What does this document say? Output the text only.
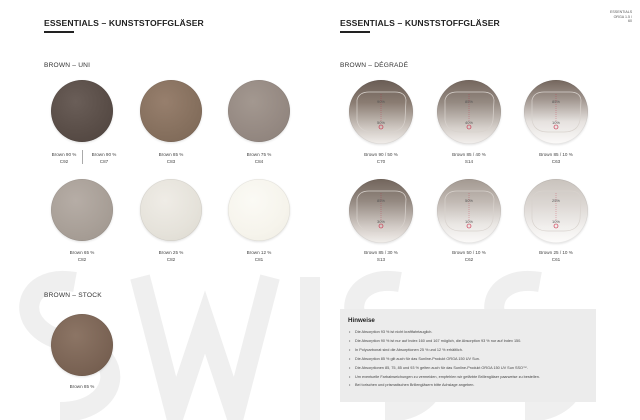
ESSENTIALS
ORGA 1.5 / 60
ESSENTIALS – KUNSTSTOFFGLÄSER
BROWN – UNI
Brown 90 %
C92
Brown 90 %
C87
Brown 85 %
C83
Brown 75 %
C84
Brown 65 %
C82
Brown 25 %
C82
Brown 12 %
C81
BROWN – STOCK
Brown 85 %
ESSENTIALS – KUNSTSTOFFGLÄSER
BROWN – DÉGRADÉ
90%
50%
85%
40%
85%
10%
85%
30%
50%
10%
25%
10%
Brown 90 / 50 %
C70
Brown 85 / 40 %
S14
Brown 85 / 10 %
C63
Brown 85 / 30 %
S13
Brown 50 / 10 %
C62
Brown 25 / 10 %
C61
Hinweise
• Die Absorption 93 % ist nicht kraftfahrtauglich.
• Die Absorption 90 % ist nur auf Index 160 und 167 möglich, die Absorption 93 % nur auf Index 150.
• In Polycarbonat sind die Absorptionen 25 % und 12 % erhältlich.
• Die Absorption 85 % gilt auch für das Sunline-Produkt ORGA 150 UV Sun.
• Die Absorptionen 85, 75, 85 und 93 % gelten auch für das Sunline-Produkt ORGA 150 UV Sun SSO™.
• Um eventuelle Farbabweichungen zu vermeiden, empfehlen wir gefärbte Brillengläser paarweise zu bestellen.
• Bei torischen und prismatischen Brillengläsern bitte Achslage angeben.
